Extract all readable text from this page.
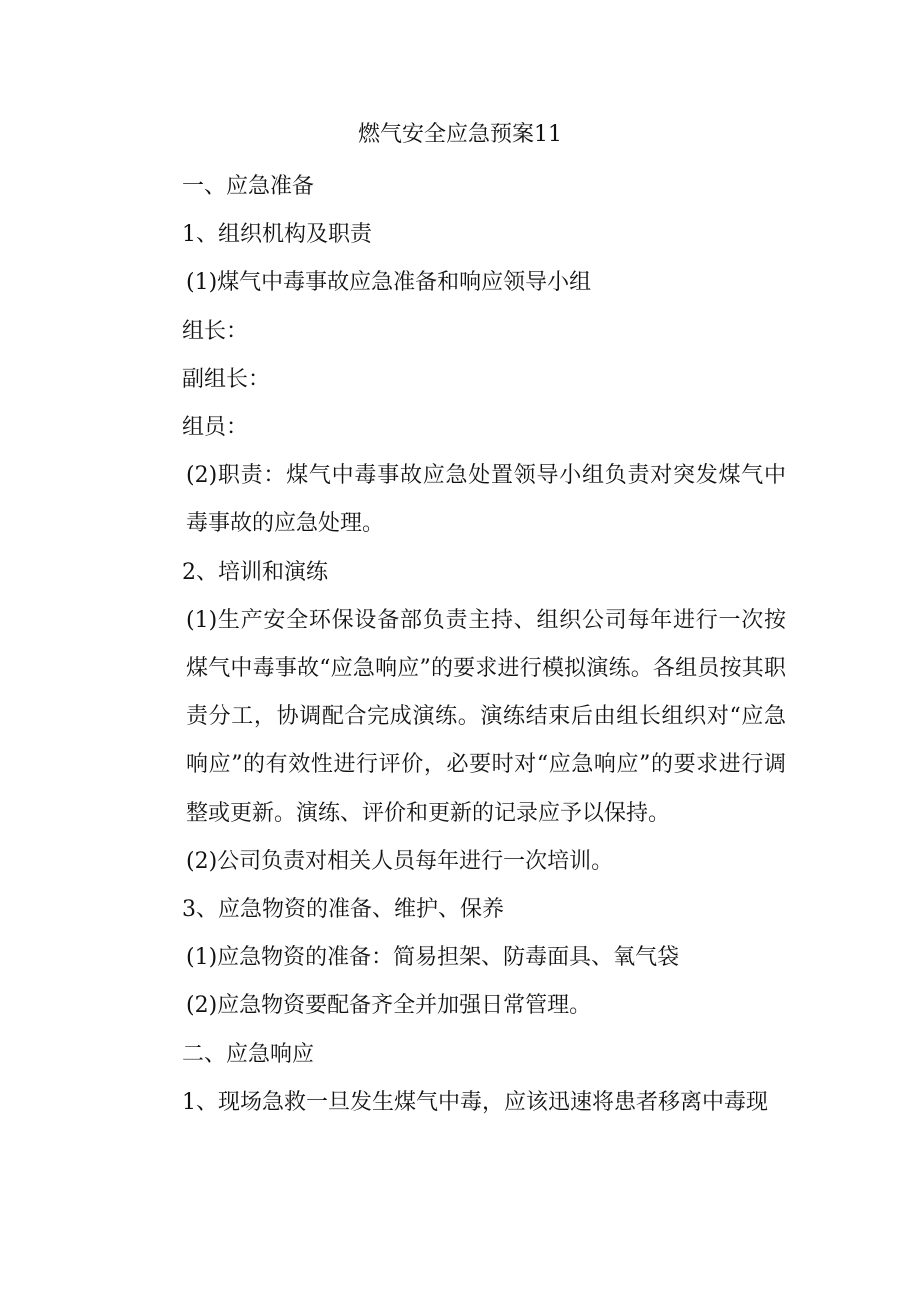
燃气安全应急预案11

一、应急准备

1、组织机构及职责

(1)煤气中毒事故应急准备和响应领导小组

组长：

副组长：

组员：

(2)职责：煤气中毒事故应急处置领导小组负责对突发煤气中毒事故的应急处理。

2、培训和演练

(1)生产安全环保设备部负责主持、组织公司每年进行一次按煤气中毒事故“应急响应”的要求进行模拟演练。各组员按其职责分工，协调配合完成演练。演练结束后由组长组织对“应急响应”的有效性进行评价，必要时对“应急响应”的要求进行调整或更新。演练、评价和更新的记录应予以保持。

(2)公司负责对相关人员每年进行一次培训。

3、应急物资的准备、维护、保养

(1)应急物资的准备：简易担架、防毒面具、氧气袋

(2)应急物资要配备齐全并加强日常管理。

二、应急响应

1、现场急救一旦发生煤气中毒，应该迅速将患者移离中毒现
